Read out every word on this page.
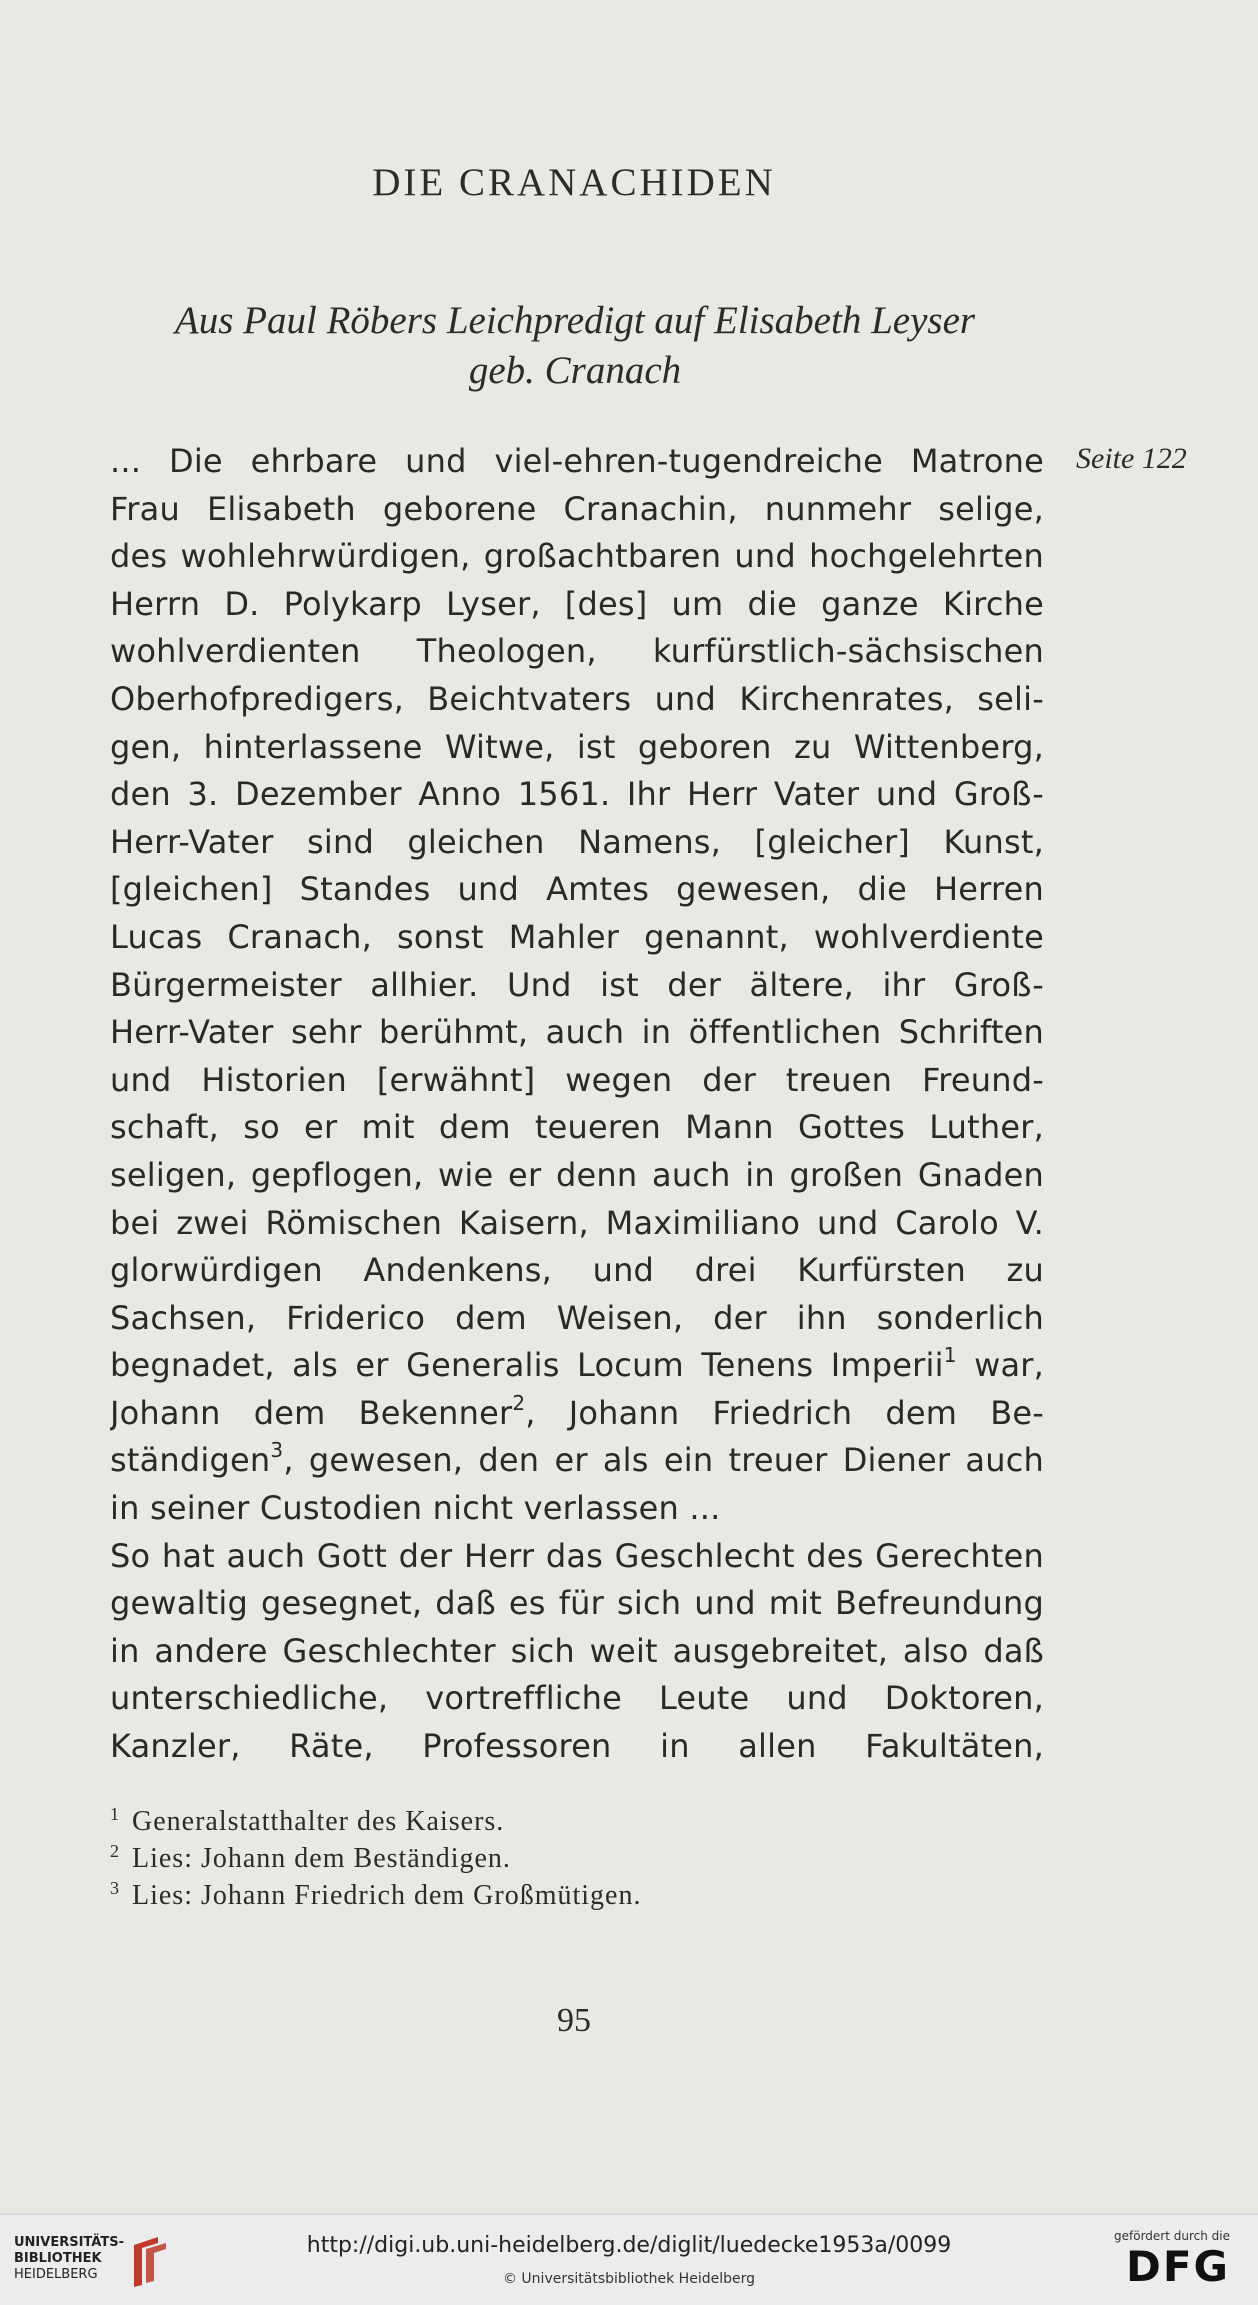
DIE CRANACHIDEN
Aus Paul Röbers Leichpredigt auf Elisabeth Leyser
geb. Cranach
Seite 122
... Die ehrbare und viel-ehren-tugendreiche Matrone
Frau Elisabeth geborene Cranachin, nunmehr selige,
des wohlehrwürdigen, großachtbaren und hochgelehrten
Herrn D. Polykarp Lyser, [des] um die ganze Kirche
wohlverdienten Theologen, kurfürstlich-sächsischen
Oberhofpredigers, Beichtvaters und Kirchenrates, seli-
gen, hinterlassene Witwe, ist geboren zu Wittenberg,
den 3. Dezember Anno 1561. Ihr Herr Vater und Groß-
Herr-Vater sind gleichen Namens, [gleicher] Kunst,
[gleichen] Standes und Amtes gewesen, die Herren
Lucas Cranach, sonst Mahler genannt, wohlverdiente
Bürgermeister allhier. Und ist der ältere, ihr Groß-
Herr-Vater sehr berühmt, auch in öffentlichen Schriften
und Historien [erwähnt] wegen der treuen Freund-
schaft, so er mit dem teueren Mann Gottes Luther,
seligen, gepflogen, wie er denn auch in großen Gnaden
bei zwei Römischen Kaisern, Maximiliano und Carolo V.
glorwürdigen Andenkens, und drei Kurfürsten zu
Sachsen, Friderico dem Weisen, der ihn sonderlich
begnadet, als er Generalis Locum Tenens Imperii$^1$ war,
Johann dem Bekenner$^2$, Johann Friedrich dem Be-
ständigen$^3$, gewesen, den er als ein treuer Diener auch
in seiner Custodien nicht verlassen ...
So hat auch Gott der Herr das Geschlecht des Gerechten
gewaltig gesegnet, daß es für sich und mit Befreundung
in andere Geschlechter sich weit ausgebreitet, also daß
unterschiedliche, vortreffliche Leute und Doktoren,
Kanzler, Räte, Professoren in allen Fakultäten,
$^1$ Generalstatthalter des Kaisers.
$^2$ Lies: Johann dem Beständigen.
$^3$ Lies: Johann Friedrich dem Großmütigen.
95
UNIVERSITÄTS-
BIBLIOTHEK
HEIDELBERG
http://digi.ub.uni-heidelberg.de/diglit/luedecke1953a/0099
© Universitätsbibliothek Heidelberg
gefördert durch die
DFG
